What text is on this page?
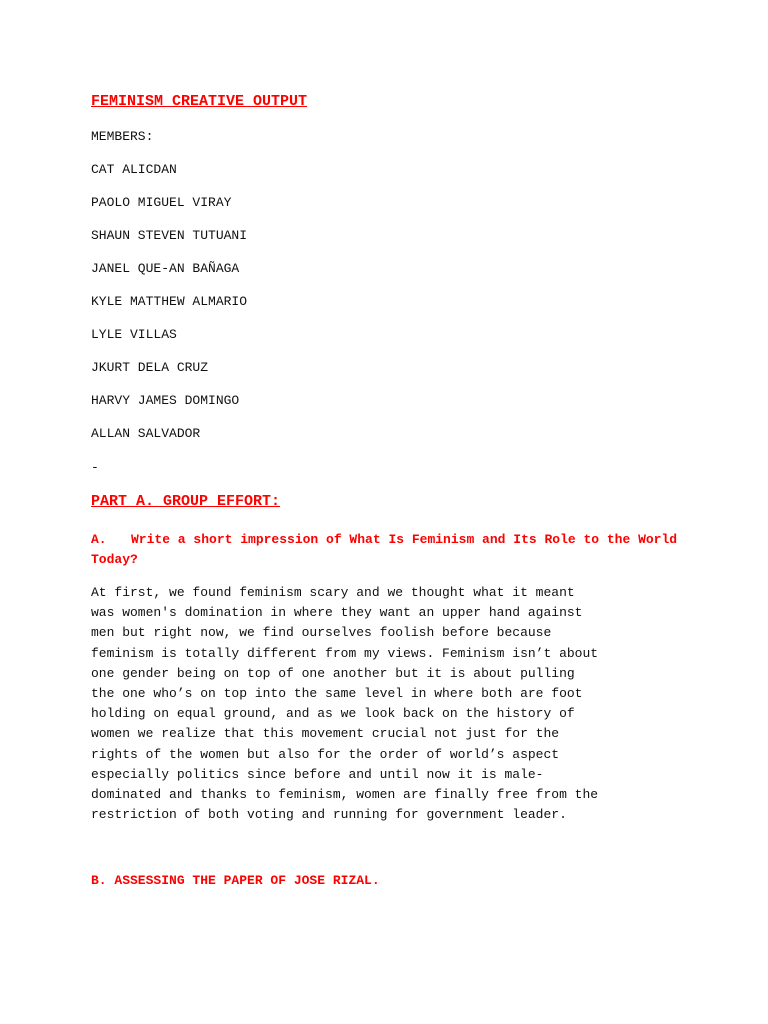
FEMINISM CREATIVE OUTPUT
MEMBERS:
CAT ALICDAN
PAOLO MIGUEL VIRAY
SHAUN STEVEN TUTUANI
JANEL QUE-AN BAÑAGA
KYLE MATTHEW ALMARIO
LYLE VILLAS
JKURT DELA CRUZ
HARVY JAMES DOMINGO
ALLAN SALVADOR
-
PART A. GROUP EFFORT:
A. Write a short impression of What Is Feminism and Its Role to the World Today?
At first, we found feminism scary and we thought what it meant
was women's domination in where they want an upper hand against
men but right now, we find ourselves foolish before because
feminism is totally different from my views. Feminism isn’t about
one gender being on top of one another but it is about pulling
the one who’s on top into the same level in where both are foot
holding on equal ground, and as we look back on the history of
women we realize that this movement crucial not just for the
rights of the women but also for the order of world’s aspect
especially politics since before and until now it is male-
dominated and thanks to feminism, women are finally free from the
restriction of both voting and running for government leader.
B. ASSESSING THE PAPER OF JOSE RIZAL.
